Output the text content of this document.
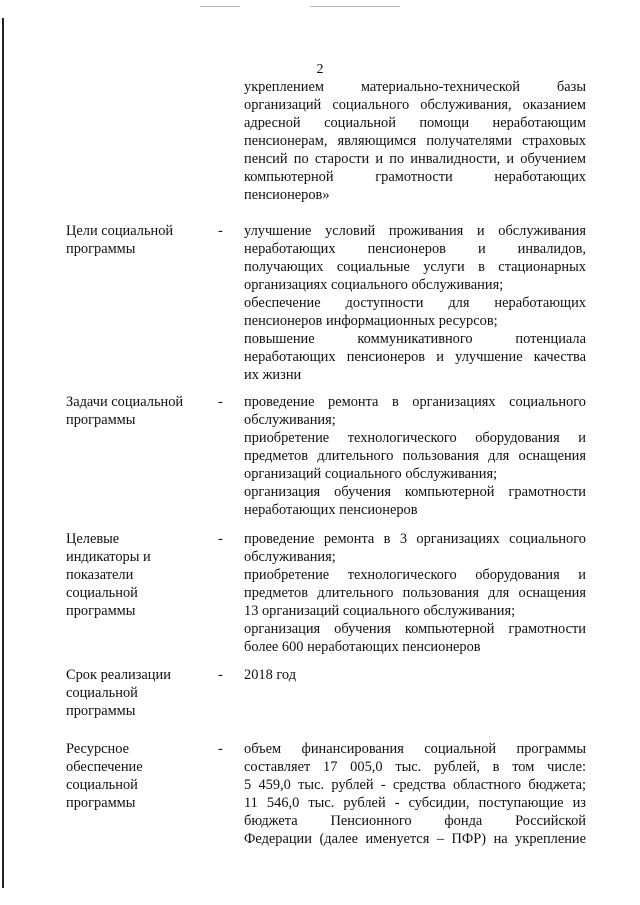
2
укреплением материально-технической базы
организаций социального обслуживания, оказанием
адресной социальной помощи неработающим
пенсионерам, являющимся получателями страховых
пенсий по старости и по инвалидности, и обучением
компьютерной грамотности неработающих
пенсионеров»
Цели социальной
программы
-	улучшение условий проживания и обслуживания
неработающих пенсионеров и инвалидов,
получающих социальные услуги в стационарных
организациях социального обслуживания;
обеспечение доступности для неработающих
пенсионеров информационных ресурсов;
повышение коммуникативного потенциала
неработающих пенсионеров и улучшение качества
их жизни
Задачи социальной
программы
-	проведение ремонта в организациях социального
обслуживания;
приобретение технологического оборудования и
предметов длительного пользования для оснащения
организаций социального обслуживания;
организация обучения компьютерной грамотности
неработающих пенсионеров
Целевые
индикаторы и
показатели
социальной
программы
-	проведение ремонта в 3 организациях социального
обслуживания;
приобретение технологического оборудования и
предметов длительного пользования для оснащения
13 организаций социального обслуживания;
организация обучения компьютерной грамотности
более 600 неработающих пенсионеров
Срок реализации
социальной
программы
-	2018 год
Ресурсное
обеспечение
социальной
программы
-	объем финансирования социальной программы
составляет 17 005,0 тыс. рублей, в том числе:
5 459,0 тыс. рублей - средства областного бюджета;
11 546,0 тыс. рублей - субсидии, поступающие из
бюджета Пенсионного фонда Российской
Федерации (далее именуется – ПФР) на укрепление
